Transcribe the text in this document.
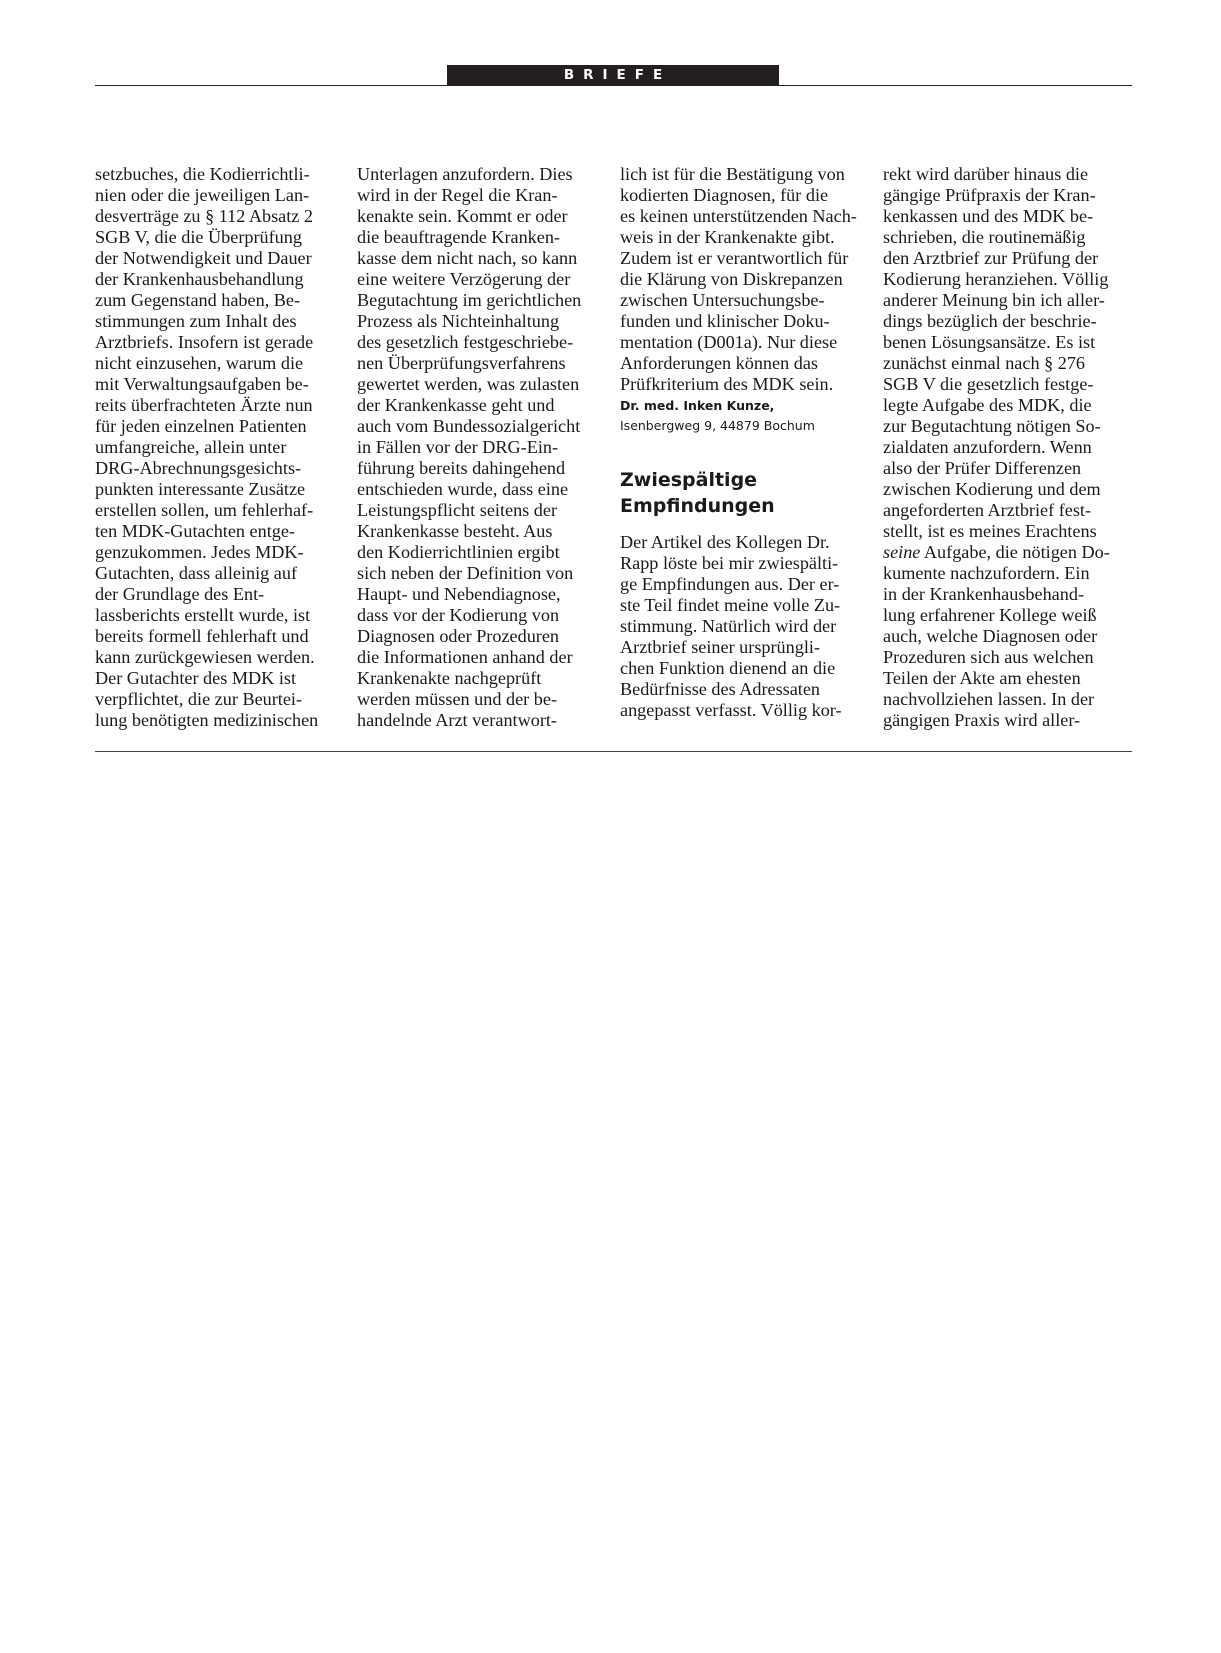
BRIEFE
setzbuches, die Kodierrichtli-
nien oder die jeweiligen Lan-
desverträge zu § 112 Absatz 2
SGB V, die die Überprüfung
der Notwendigkeit und Dauer
der Krankenhausbehandlung
zum Gegenstand haben, Be-
stimmungen zum Inhalt des
Arztbriefs. Insofern ist gerade
nicht einzusehen, warum die
mit Verwaltungsaufgaben be-
reits überfrachteten Ärzte nun
für jeden einzelnen Patienten
umfangreiche, allein unter
DRG-Abrechnungsgesichts-
punkten interessante Zusätze
erstellen sollen, um fehlerhaf-
ten MDK-Gutachten entge-
genzukommen. Jedes MDK-
Gutachten, dass alleinig auf
der Grundlage des Ent-
lassberichts erstellt wurde, ist
bereits formell fehlerhaft und
kann zurückgewiesen werden.
Der Gutachter des MDK ist
verpflichtet, die zur Beurtei-
lung benötigten medizinischen
Unterlagen anzufordern. Dies
wird in der Regel die Kran-
kenakte sein. Kommt er oder
die beauftragende Kranken-
kasse dem nicht nach, so kann
eine weitere Verzögerung der
Begutachtung im gerichtlichen
Prozess als Nichteinhaltung
des gesetzlich festgeschriebe-
nen Überprüfungsverfahrens
gewertet werden, was zulasten
der Krankenkasse geht und
auch vom Bundessozialgericht
in Fällen vor der DRG-Ein-
führung bereits dahingehend
entschieden wurde, dass eine
Leistungspflicht seitens der
Krankenkasse besteht. Aus
den Kodierrichtlinien ergibt
sich neben der Definition von
Haupt- und Nebendiagnose,
dass vor der Kodierung von
Diagnosen oder Prozeduren
die Informationen anhand der
Krankenakte nachgeprüft
werden müssen und der be-
handelnde Arzt verantwort-
lich ist für die Bestätigung von
kodierten Diagnosen, für die
es keinen unterstützenden Nach-
weis in der Krankenakte gibt.
Zudem ist er verantwortlich für
die Klärung von Diskrepanzen
zwischen Untersuchungsbe-
funden und klinischer Doku-
mentation (D001a). Nur diese
Anforderungen können das
Prüfkriterium des MDK sein.
Dr. med. Inken Kunze,
Isenbergweg 9, 44879 Bochum
Zwiespältige
Empfindungen
Der Artikel des Kollegen Dr.
Rapp löste bei mir zwiespälti-
ge Empfindungen aus. Der er-
ste Teil findet meine volle Zu-
stimmung. Natürlich wird der
Arztbrief seiner ursprüngli-
chen Funktion dienend an die
Bedürfnisse des Adressaten
angepasst verfasst. Völlig kor-
rekt wird darüber hinaus die
gängige Prüfpraxis der Kran-
kenkassen und des MDK be-
schrieben, die routinemäßig
den Arztbrief zur Prüfung der
Kodierung heranziehen. Völlig
anderer Meinung bin ich aller-
dings bezüglich der beschrie-
benen Lösungsansätze. Es ist
zunächst einmal nach § 276
SGB V die gesetzlich festge-
legte Aufgabe des MDK, die
zur Begutachtung nötigen So-
zialdaten anzufordern. Wenn
also der Prüfer Differenzen
zwischen Kodierung und dem
angeforderten Arztbrief fest-
stellt, ist es meines Erachtens
seine Aufgabe, die nötigen Do-
kumente nachzufordern. Ein
in der Krankenhausbehand-
lung erfahrener Kollege weiß
auch, welche Diagnosen oder
Prozeduren sich aus welchen
Teilen der Akte am ehesten
nachvollziehen lassen. In der
gängigen Praxis wird aller-
